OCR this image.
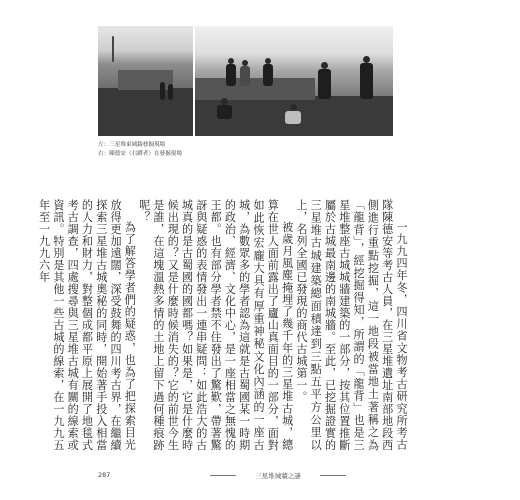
左：三星堆東城牆發掘現場
右：陳德安（右蹲者）在發掘現場

一九九四年冬，四川省文物考古研究所考古隊陳德安等考古人員，在三星堆遺址南部地段西側進行重點挖掘，這一地段被當地土著稱之為「龍背」，經挖掘得知，所謂的「龍背」也是三星堆整座古城城牆建築的一部分，按其位置推斷屬於古城最南邊的南城牆。至此，已挖掘證實的三星堆古城建築總面積達到三點五平方公里以上，名列全國已發現的商代古城第一。

被歲月風塵掩埋了幾千年的三星堆古城，總算在世人面前露出了廬山真面目的一部分，面對如此恢宏龐大具有厚重神秘文化內涵的一座古城，為數眾多的學者認為這就是古蜀國某一時期的政治、經濟、文化中心，是一座相當之無愧的王都。也有部分學者禁不住發出了驚歎，帶著驚訝與疑惑的表情發出一連串疑問：如此浩大的古城真的是古蜀國的國都嗎？如果是，它是什麼時候出現的？又是什麼時候消失的？它的前世今生是誰，在這塊溫熱多情的土地上留下過何種痕跡呢？

為了解答學者們的疑惑，也為了把探索目光放得更加遠闊，深受鼓舞的四川考古界，在繼續探索三星堆古城奧秘的同時，開始著手投入相當的人力和財力，對整個成都平原上展開了地毯式考古調查，四處搜尋與三星堆古城有關的線索或資訊。特別是其他一些古城的線索，在一九九五年至一九九六年

287	三星堆城牆之謎
